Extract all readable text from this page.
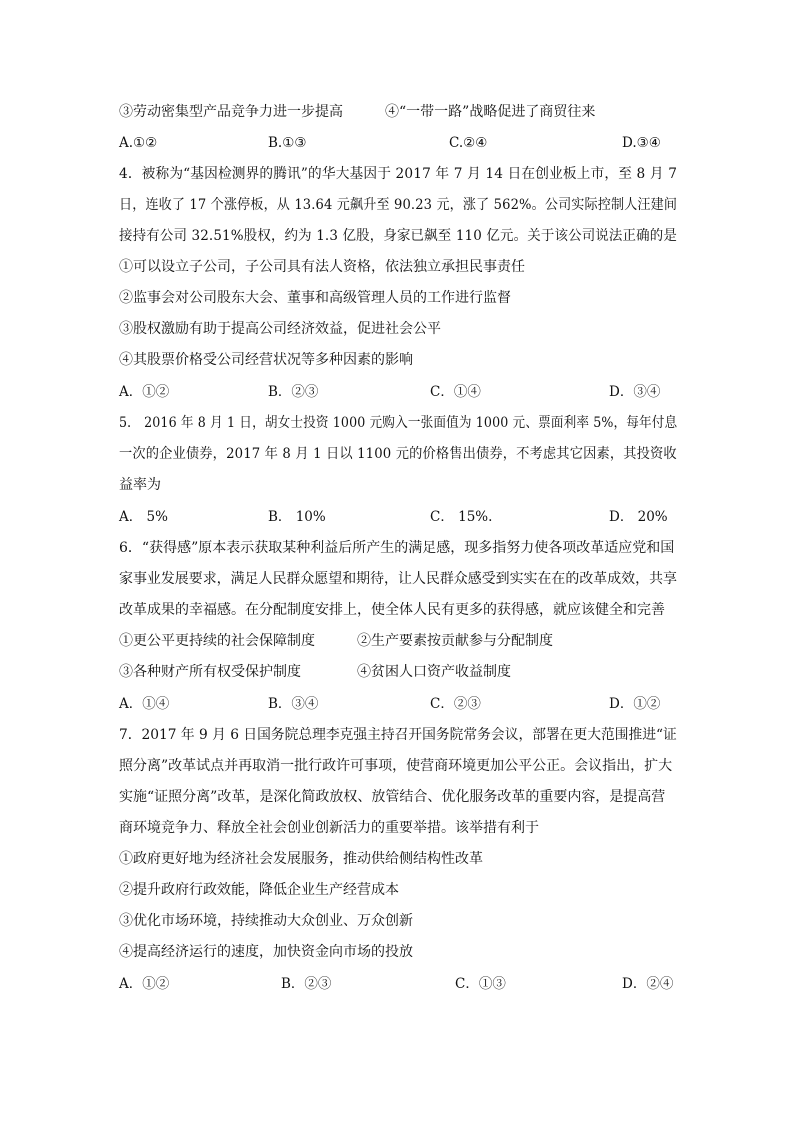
③劳动密集型产品竞争力进一步提高	④“一带一路”战略促进了商贸往来
A.①②	B.①③	C.②④	D.③④
4．被称为“基因检测界的腾讯”的华大基因于 2017 年 7 月 14 日在创业板上市，至 8 月 7
日，连收了 17 个涨停板，从 13.64 元飙升至 90.23 元，涨了 562%。公司实际控制人汪建间
接持有公司 32.51%股权，约为 1.3 亿股，身家已飙至 110 亿元。关于该公司说法正确的是
①可以设立子公司，子公司具有法人资格，依法独立承担民事责任
②监事会对公司股东大会、董事和高级管理人员的工作进行监督
③股权激励有助于提高公司经济效益，促进社会公平
④其股票价格受公司经营状况等多种因素的影响
A．①②	B．②③	C．①④	D．③④
5． 2016 年 8 月 1 日，胡女士投资 1000 元购入一张面值为 1000 元、票面利率 5%，每年付息
一次的企业债券，2017 年 8 月 1 日以 1100 元的价格售出债券，不考虑其它因素，其投资收
益率为
A． 5%	B． 10%	C． 15%.	D． 20%
6．“获得感”原本表示获取某种利益后所产生的满足感，现多指努力使各项改革适应党和国
家事业发展要求，满足人民群众愿望和期待，让人民群众感受到实实在在的改革成效，共享
改革成果的幸福感。在分配制度安排上，使全体人民有更多的获得感，就应该健全和完善
①更公平更持续的社会保障制度	②生产要素按贡献参与分配制度
③各种财产所有权受保护制度	④贫困人口资产收益制度
A．①④	B．③④	C．②③	D．①②
7．2017 年 9 月 6 日国务院总理李克强主持召开国务院常务会议，部署在更大范围推进“证
照分离”改革试点并再取消一批行政许可事项，使营商环境更加公平公正。会议指出，扩大
实施“证照分离”改革，是深化简政放权、放管结合、优化服务改革的重要内容，是提高营
商环境竞争力、释放全社会创业创新活力的重要举措。该举措有利于
①政府更好地为经济社会发展服务，推动供给侧结构性改革
②提升政府行政效能，降低企业生产经营成本
③优化市场环境，持续推动大众创业、万众创新
④提高经济运行的速度，加快资金向市场的投放
A．①②	B．②③	C．①③	D．②④
